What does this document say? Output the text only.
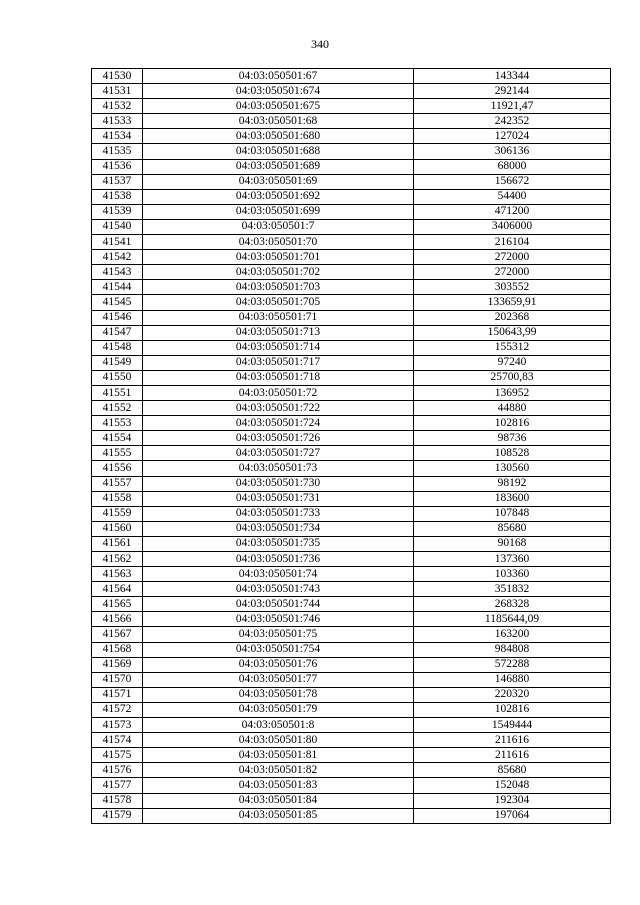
340
41530	04:03:050501:67	143344
41531	04:03:050501:674	292144
41532	04:03:050501:675	11921,47
41533	04:03:050501:68	242352
41534	04:03:050501:680	127024
41535	04:03:050501:688	306136
41536	04:03:050501:689	68000
41537	04:03:050501:69	156672
41538	04:03:050501:692	54400
41539	04:03:050501:699	471200
41540	04:03:050501:7	3406000
41541	04:03:050501:70	216104
41542	04:03:050501:701	272000
41543	04:03:050501:702	272000
41544	04:03:050501:703	303552
41545	04:03:050501:705	133659,91
41546	04:03:050501:71	202368
41547	04:03:050501:713	150643,99
41548	04:03:050501:714	155312
41549	04:03:050501:717	97240
41550	04:03:050501:718	25700,83
41551	04:03:050501:72	136952
41552	04:03:050501:722	44880
41553	04:03:050501:724	102816
41554	04:03:050501:726	98736
41555	04:03:050501:727	108528
41556	04:03:050501:73	130560
41557	04:03:050501:730	98192
41558	04:03:050501:731	183600
41559	04:03:050501:733	107848
41560	04:03:050501:734	85680
41561	04:03:050501:735	90168
41562	04:03:050501:736	137360
41563	04:03:050501:74	103360
41564	04:03:050501:743	351832
41565	04:03:050501:744	268328
41566	04:03:050501:746	1185644,09
41567	04:03:050501:75	163200
41568	04:03:050501:754	984808
41569	04:03:050501:76	572288
41570	04:03:050501:77	146880
41571	04:03:050501:78	220320
41572	04:03:050501:79	102816
41573	04:03:050501:8	1549444
41574	04:03:050501:80	211616
41575	04:03:050501:81	211616
41576	04:03:050501:82	85680
41577	04:03:050501:83	152048
41578	04:03:050501:84	192304
41579	04:03:050501:85	197064
